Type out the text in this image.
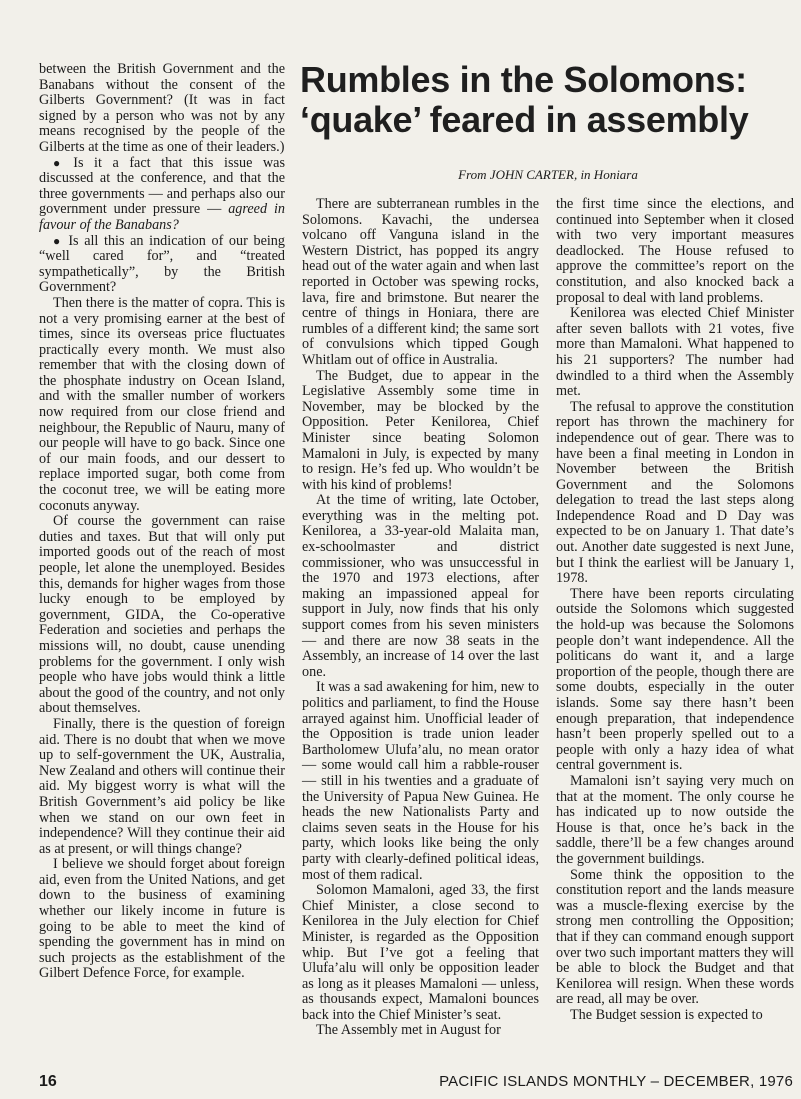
between the British Government and the Banabans without the consent of the Gilberts Government? (It was in fact signed by a person who was not by any means recognised by the people of the Gilberts at the time as one of their leaders.)

● Is it a fact that this issue was discussed at the conference, and that the three governments — and perhaps also our government under pressure — agreed in favour of the Banabans?

● Is all this an indication of our being “well cared for”, and “treated sympathetically”, by the British Government?

Then there is the matter of copra. This is not a very promising earner at the best of times, since its overseas price fluctuates practically every month. We must also remember that with the closing down of the phosphate industry on Ocean Island, and with the smaller number of workers now required from our close friend and neighbour, the Republic of Nauru, many of our people will have to go back. Since one of our main foods, and our dessert to replace imported sugar, both come from the coconut tree, we will be eating more coconuts anyway.

Of course the government can raise duties and taxes. But that will only put imported goods out of the reach of most people, let alone the unemployed. Besides this, demands for higher wages from those lucky enough to be employed by government, GIDA, the Co-operative Federation and societies and perhaps the missions will, no doubt, cause unending problems for the government. I only wish people who have jobs would think a little about the good of the country, and not only about themselves.

Finally, there is the question of foreign aid. There is no doubt that when we move up to self-government the UK, Australia, New Zealand and others will continue their aid. My biggest worry is what will the British Government’s aid policy be like when we stand on our own feet in independence? Will they continue their aid as at present, or will things change?

I believe we should forget about foreign aid, even from the United Nations, and get down to the business of examining whether our likely income in future is going to be able to meet the kind of spending the government has in mind on such projects as the establishment of the Gilbert Defence Force, for example.

Rumbles in the Solomons:
‘quake’ feared in assembly
From JOHN CARTER, in Honiara

There are subterranean rumbles in the Solomons. Kavachi, the undersea volcano off Vanguna island in the Western District, has popped its angry head out of the water again and when last reported in October was spewing rocks, lava, fire and brimstone. But nearer the centre of things in Honiara, there are rumbles of a different kind; the same sort of convulsions which tipped Gough Whitlam out of office in Australia.

The Budget, due to appear in the Legislative Assembly some time in November, may be blocked by the Opposition. Peter Kenilorea, Chief Minister since beating Solomon Mamaloni in July, is expected by many to resign. He’s fed up. Who wouldn’t be with his kind of problems!

At the time of writing, late October, everything was in the melting pot. Kenilorea, a 33-year-old Malaita man, ex-schoolmaster and district commissioner, who was unsuccessful in the 1970 and 1973 elections, after making an impassioned appeal for support in July, now finds that his only support comes from his seven ministers — and there are now 38 seats in the Assembly, an increase of 14 over the last one.

It was a sad awakening for him, new to politics and parliament, to find the House arrayed against him. Unofficial leader of the Opposition is trade union leader Bartholomew Ulufa’alu, no mean orator — some would call him a rabble-rouser — still in his twenties and a graduate of the University of Papua New Guinea. He heads the new Nationalists Party and claims seven seats in the House for his party, which looks like being the only party with clearly-defined political ideas, most of them radical.

Solomon Mamaloni, aged 33, the first Chief Minister, a close second to Kenilorea in the July election for Chief Minister, is regarded as the Opposition whip. But I’ve got a feeling that Ulufa’alu will only be opposition leader as long as it pleases Mamaloni — unless, as thousands expect, Mamaloni bounces back into the Chief Minister’s seat.

The Assembly met in August for

the first time since the elections, and continued into September when it closed with two very important measures deadlocked. The House refused to approve the committee’s report on the constitution, and also knocked back a proposal to deal with land problems.

Kenilorea was elected Chief Minister after seven ballots with 21 votes, five more than Mamaloni. What happened to his 21 supporters? The number had dwindled to a third when the Assembly met.

The refusal to approve the constitution report has thrown the machinery for independence out of gear. There was to have been a final meeting in London in November between the British Government and the Solomons delegation to tread the last steps along Independence Road and D Day was expected to be on January 1. That date’s out. Another date suggested is next June, but I think the earliest will be January 1, 1978.

There have been reports circulating outside the Solomons which suggested the hold-up was because the Solomons people don’t want independence. All the politicans do want it, and a large proportion of the people, though there are some doubts, especially in the outer islands. Some say there hasn’t been enough preparation, that independence hasn’t been properly spelled out to a people with only a hazy idea of what central government is.

Mamaloni isn’t saying very much on that at the moment. The only course he has indicated up to now outside the House is that, once he’s back in the saddle, there’ll be a few changes around the government buildings.

Some think the opposition to the constitution report and the lands measure was a muscle-flexing exercise by the strong men controlling the Opposition; that if they can command enough support over two such important matters they will be able to block the Budget and that Kenilorea will resign. When these words are read, all may be over.

The Budget session is expected to

16	PACIFIC ISLANDS MONTHLY – DECEMBER, 1976
